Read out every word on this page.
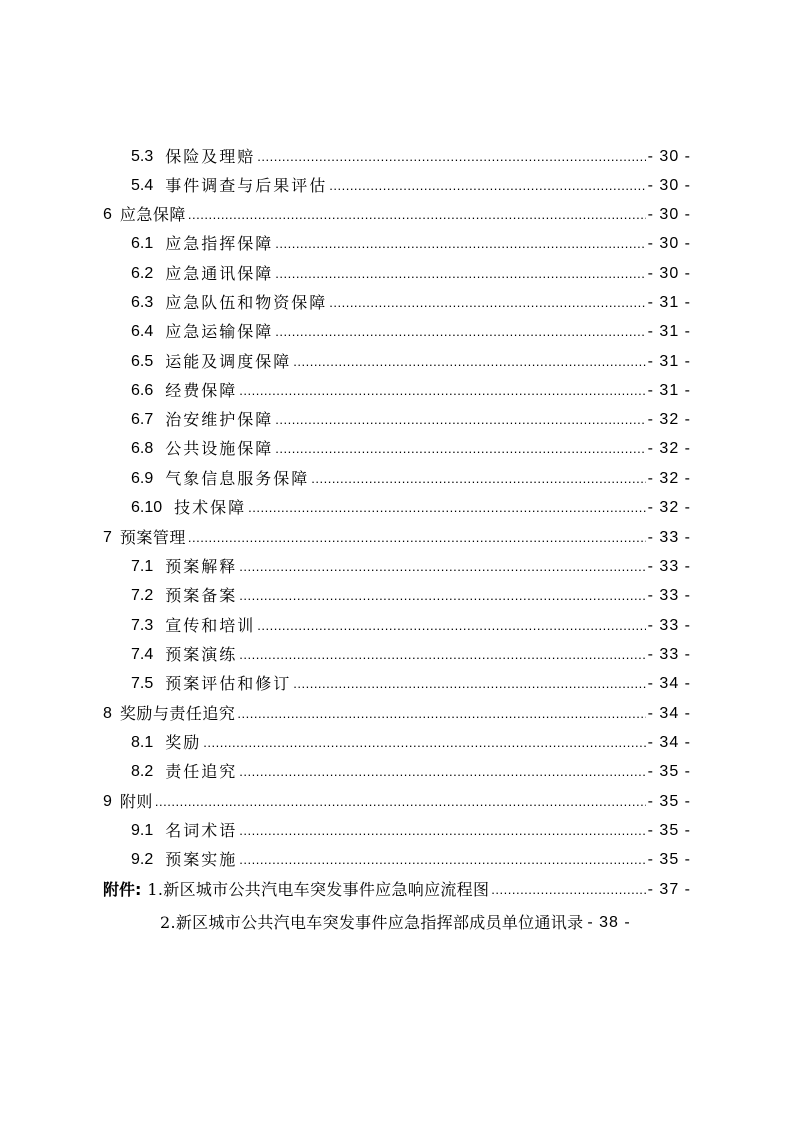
5.3 保险及理赔 .....	- 30 -
5.4 事件调查与后果评估 .....	- 30 -
6 应急保障 .....	- 30 -
6.1 应急指挥保障 .....	- 30 -
6.2 应急通讯保障 .....	- 30 -
6.3 应急队伍和物资保障 .....	- 31 -
6.4 应急运输保障 .....	- 31 -
6.5 运能及调度保障 .....	- 31 -
6.6 经费保障 .....	- 31 -
6.7 治安维护保障 .....	- 32 -
6.8 公共设施保障 .....	- 32 -
6.9 气象信息服务保障 .....	- 32 -
6.10 技术保障 .....	- 32 -
7 预案管理 .....	- 33 -
7.1 预案解释 .....	- 33 -
7.2 预案备案 .....	- 33 -
7.3 宣传和培训 .....	- 33 -
7.4 预案演练 .....	- 33 -
7.5 预案评估和修订 .....	- 34 -
8 奖励与责任追究 .....	- 34 -
8.1 奖励 .....	- 34 -
8.2 责任追究 .....	- 35 -
9 附则 .....	- 35 -
9.1 名词术语 .....	- 35 -
9.2 预案实施 .....	- 35 -
附件: 1.新区城市公共汽电车突发事件应急响应流程图 .....	- 37 -
2.新区城市公共汽电车突发事件应急指挥部成员单位通讯录 - 38 -
